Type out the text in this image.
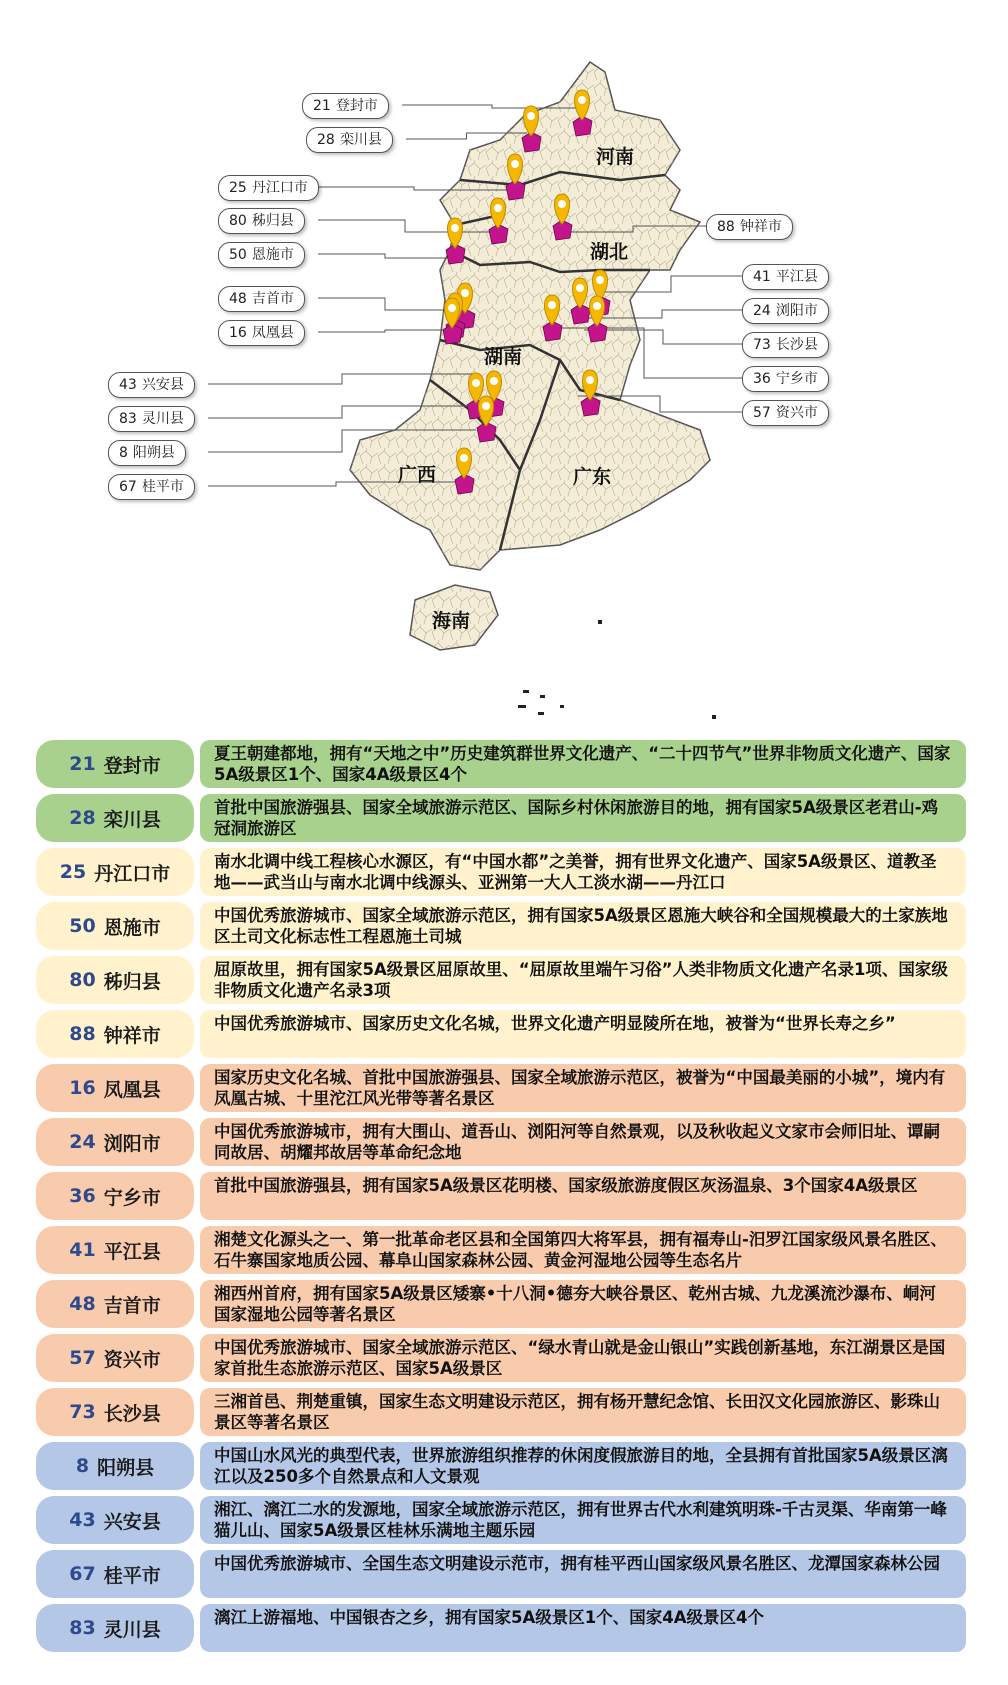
河南
湖北
湖南
广西	广东
海南
21 登封市
28 栾川县
25 丹江口市
80 秭归县
50 恩施市
48 吉首市
16 凤凰县
43 兴安县
83 灵川县
8 阳朔县
67 桂平市
88 钟祥市
41 平江县
24 浏阳市
73 长沙县
36 宁乡市
57 资兴市
21 登封市
夏王朝建都地，拥有“天地之中”历史建筑群世界文化遗产、“二十四节气”世界非物质文化遗产、国家5A级景区1个、国家4A级景区4个
28 栾川县
首批中国旅游强县、国家全域旅游示范区、国际乡村休闲旅游目的地，拥有国家5A级景区老君山-鸡冠洞旅游区
25 丹江口市
南水北调中线工程核心水源区，有“中国水都”之美誉，拥有世界文化遗产、国家5A级景区、道教圣地——武当山与南水北调中线源头、亚洲第一大人工淡水湖——丹江口
50 恩施市
中国优秀旅游城市、国家全域旅游示范区，拥有国家5A级景区恩施大峡谷和全国规模最大的土家族地区土司文化标志性工程恩施土司城
80 秭归县
屈原故里，拥有国家5A级景区屈原故里、“屈原故里端午习俗”人类非物质文化遗产名录1项、国家级非物质文化遗产名录3项
88 钟祥市
中国优秀旅游城市、国家历史文化名城，世界文化遗产明显陵所在地，被誉为“世界长寿之乡”
16 凤凰县
国家历史文化名城、首批中国旅游强县、国家全域旅游示范区，被誉为“中国最美丽的小城”，境内有凤凰古城、十里沱江风光带等著名景区
24 浏阳市
中国优秀旅游城市，拥有大围山、道吾山、浏阳河等自然景观，以及秋收起义文家市会师旧址、谭嗣同故居、胡耀邦故居等革命纪念地
36 宁乡市
首批中国旅游强县，拥有国家5A级景区花明楼、国家级旅游度假区灰汤温泉、3个国家4A级景区
41 平江县
湘楚文化源头之一、第一批革命老区县和全国第四大将军县，拥有福寿山-汨罗江国家级风景名胜区、石牛寨国家地质公园、幕阜山国家森林公园、黄金河湿地公园等生态名片
48 吉首市
湘西州首府，拥有国家5A级景区矮寨•十八洞•德夯大峡谷景区、乾州古城、九龙溪流沙瀑布、峒河国家湿地公园等著名景区
57 资兴市
中国优秀旅游城市、国家全域旅游示范区、“绿水青山就是金山银山”实践创新基地，东江湖景区是国家首批生态旅游示范区、国家5A级景区
73 长沙县
三湘首邑、荆楚重镇，国家生态文明建设示范区，拥有杨开慧纪念馆、长田汉文化园旅游区、影珠山景区等著名景区
8 阳朔县
中国山水风光的典型代表，世界旅游组织推荐的休闲度假旅游目的地，全县拥有首批国家5A级景区漓江以及250多个自然景点和人文景观
43 兴安县
湘江、漓江二水的发源地，国家全域旅游示范区，拥有世界古代水利建筑明珠-千古灵渠、华南第一峰猫儿山、国家5A级景区桂林乐满地主题乐园
67 桂平市
中国优秀旅游城市、全国生态文明建设示范市，拥有桂平西山国家级风景名胜区、龙潭国家森林公园
83 灵川县
漓江上游福地、中国银杏之乡，拥有国家5A级景区1个、国家4A级景区4个
